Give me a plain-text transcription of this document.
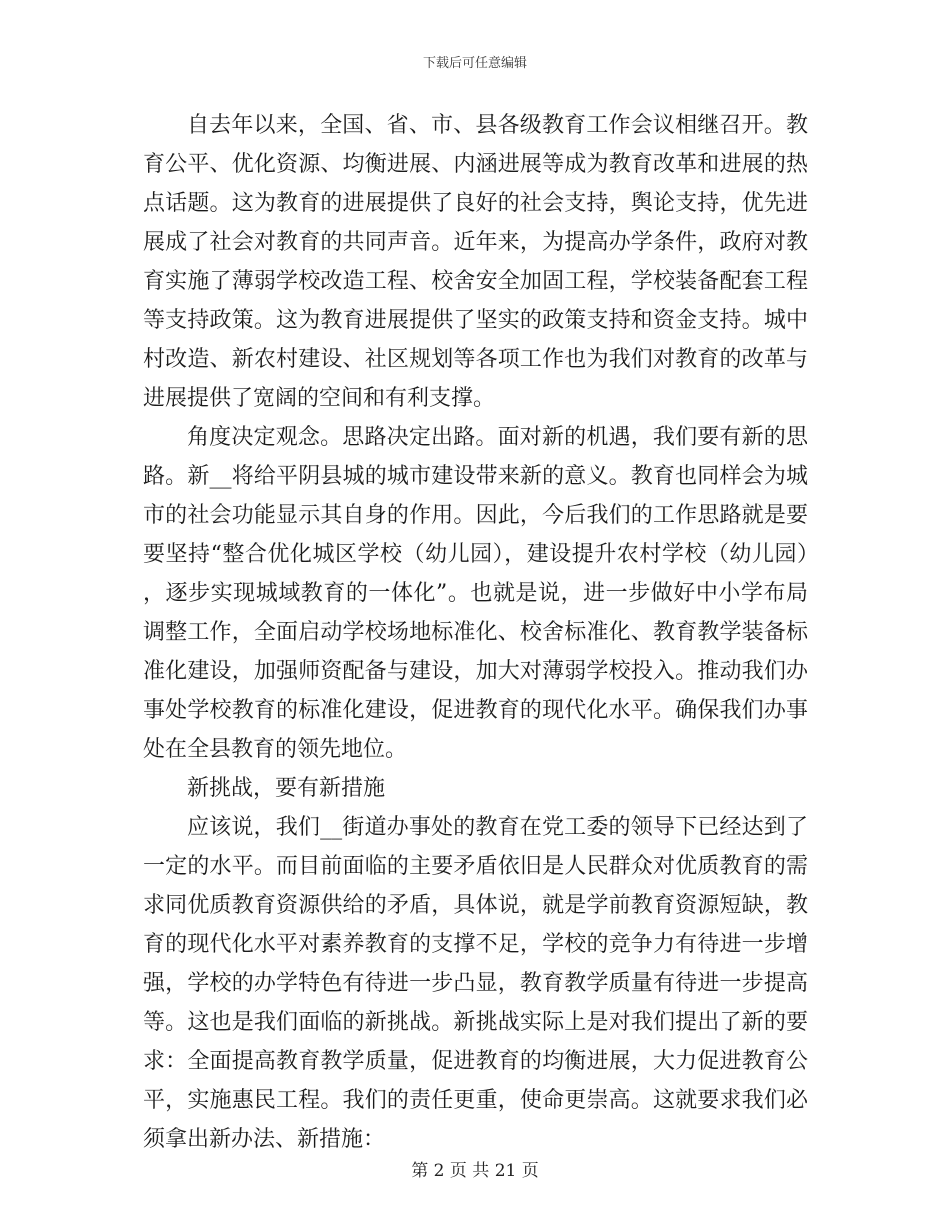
下载后可任意编辑

自去年以来，全国、省、市、县各级教育工作会议相继召开。教育公平、优化资源、均衡进展、内涵进展等成为教育改革和进展的热点话题。这为教育的进展提供了良好的社会支持，舆论支持，优先进展成了社会对教育的共同声音。近年来，为提高办学条件，政府对教育实施了薄弱学校改造工程、校舍安全加固工程，学校装备配套工程等支持政策。这为教育进展提供了坚实的政策支持和资金支持。城中村改造、新农村建设、社区规划等各项工作也为我们对教育的改革与进展提供了宽阔的空间和有利支撑。

角度决定观念。思路决定出路。面对新的机遇，我们要有新的思路。新__将给平阴县城的城市建设带来新的意义。教育也同样会为城市的社会功能显示其自身的作用。因此，今后我们的工作思路就是要要坚持“整合优化城区学校（幼儿园），建设提升农村学校（幼儿园），逐步实现城域教育的一体化”。也就是说，进一步做好中小学布局调整工作，全面启动学校场地标准化、校舍标准化、教育教学装备标准化建设，加强师资配备与建设，加大对薄弱学校投入。推动我们办事处学校教育的标准化建设，促进教育的现代化水平。确保我们办事处在全县教育的领先地位。

新挑战，要有新措施

应该说，我们__街道办事处的教育在党工委的领导下已经达到了一定的水平。而目前面临的主要矛盾依旧是人民群众对优质教育的需求同优质教育资源供给的矛盾，具体说，就是学前教育资源短缺，教育的现代化水平对素养教育的支撑不足，学校的竞争力有待进一步增强，学校的办学特色有待进一步凸显，教育教学质量有待进一步提高等。这也是我们面临的新挑战。新挑战实际上是对我们提出了新的要求：全面提高教育教学质量，促进教育的均衡进展，大力促进教育公平，实施惠民工程。我们的责任更重，使命更崇高。这就要求我们必须拿出新办法、新措施：

第 2 页 共 21 页
